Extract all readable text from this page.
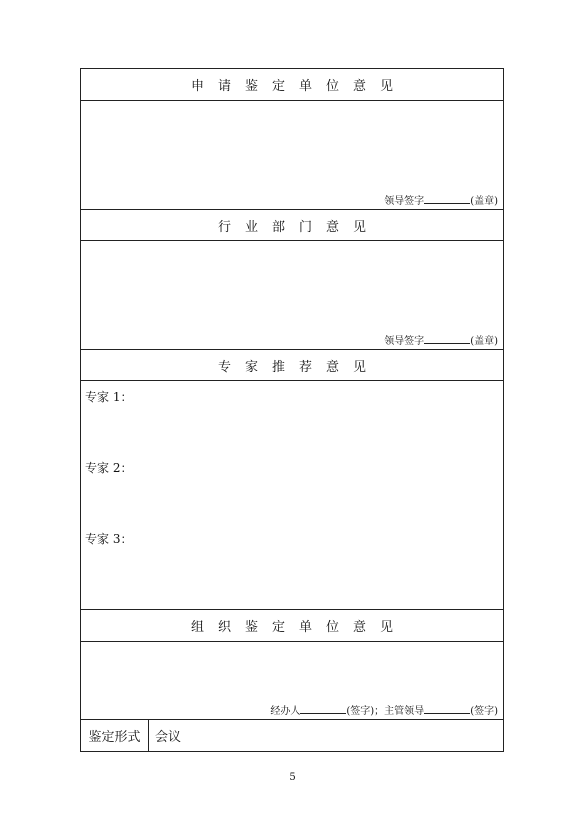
申请鉴定单位意见
领导签字	(盖章)
行业部门意见
领导签字	(盖章)
专家推荐意见
专家 1：
专家 2：
专家 3：
组织鉴定单位意见
经办人	(签字)；主管领导	(签字)
鉴定形式	会议
5
